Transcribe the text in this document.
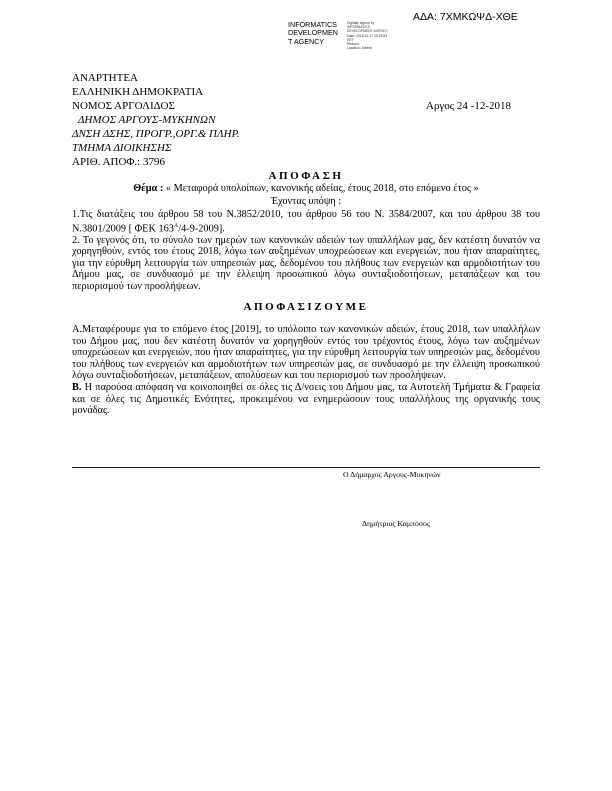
ΑΔΑ: 7ΧΜΚΩΨΔ-ΧΘΕ
INFORMATICS
DEVELOPMEN
T AGENCY
Digitally signed by
INFORMATICS
DEVELOPMENT AGENCY
Date: 2018.12.27 09:18:53
EET
Reason:
Location: Athens
ΑΝΑΡΤΗΤΕΑ
ΕΛΛΗΝΙΚΗ ΔΗΜΟΚΡΑΤΙΑ
ΝΟΜΟΣ ΑΡΓΟΛΙΔΟΣ	Αργος 24 -12-2018
ΔΗΜΟΣ ΑΡΓΟΥΣ-ΜΥΚΗΝΩΝ
ΔΝΣΗ ΔΣΗΣ, ΠΡΟΓΡ.,ΟΡΓ.& ΠΛΗΡ.
ΤΜΗΜΑ ΔΙΟΙΚΗΣΗΣ
ΑΡΙΘ. ΑΠΟΦ.: 3796
ΑΠΟΦΑΣΗ
Θέμα : « Μεταφορά υπολοίπων, κανονικής αδείας, έτους 2018, στο επόμενο έτος »
Έχοντας υπόψη :

1.Τις διατάξεις του άρθρου 58 του Ν.3852/2010, του άρθρου 56 του Ν. 3584/2007, και του άρθρου 38 του Ν.3801/2009 [ ΦΕΚ $163^A/4-9-2009$].

2. Το γεγονός ότι, το σύνολο των ημερών των κανονικών αδειών των υπαλλήλων μας, δεν κατέστη δυνατόν να χορηγηθούν, εντός του έτους 2018, λόγω των αυξημένων υποχρεώσεων και ενεργειών, που ήταν απαραίτητες, για την εύρυθμη λειτουργία των υπηρεσιών μας, δεδομένου του πλήθους των ενεργειών και αρμοδιοτήτων του Δήμου μας, σε συνδυασμό με την έλλειψη προσωπικού λόγω συνταξιοδοτήσεων, μεταπάξεων και του περιορισμού των προσλήψεων.

ΑΠΟΦΑΣΙΖΟΥΜΕ

Α.Μεταφέρουμε για το επόμενο έτος [2019], το υπόλοιπο των κανονικών αδειών, έτους 2018, των υπαλλήλων του Δήμου μας, που δεν κατέστη δυνατόν να χορηγηθούν εντός του τρέχοντος έτους, λόγω των αυξημένων υποχρεώσεων και ενεργειών, που ήταν απαραίτητες, για την εύρυθμη λειτουργία των υπηρεσιών μας, δεδομένου του πλήθους των ενεργειών και αρμοδιοτήτων των υπηρεσιών μας, σε συνδυασμό με την έλλειψη προσωπικού λόγω συνταξιοδοτήσεων, μεταπάξεων, απολύσεων και του περιορισμού των προσλήψεων.

Β. Η παρούσα απόφαση να κοινοποιηθεί σε όλες τις Δ/νσεις του Δήμου μας, τα Αυτοτελή Τμήματα & Γραφεία και σε όλες τις Δημοτικές Ενότητες, προκειμένου να ενημερώσουν τους υπαλλήλους της οργανικής τους μονάδας.

Ο Δήμαρχος Αργους-Μυκηνών
Δημήτριος Καμπόσος
